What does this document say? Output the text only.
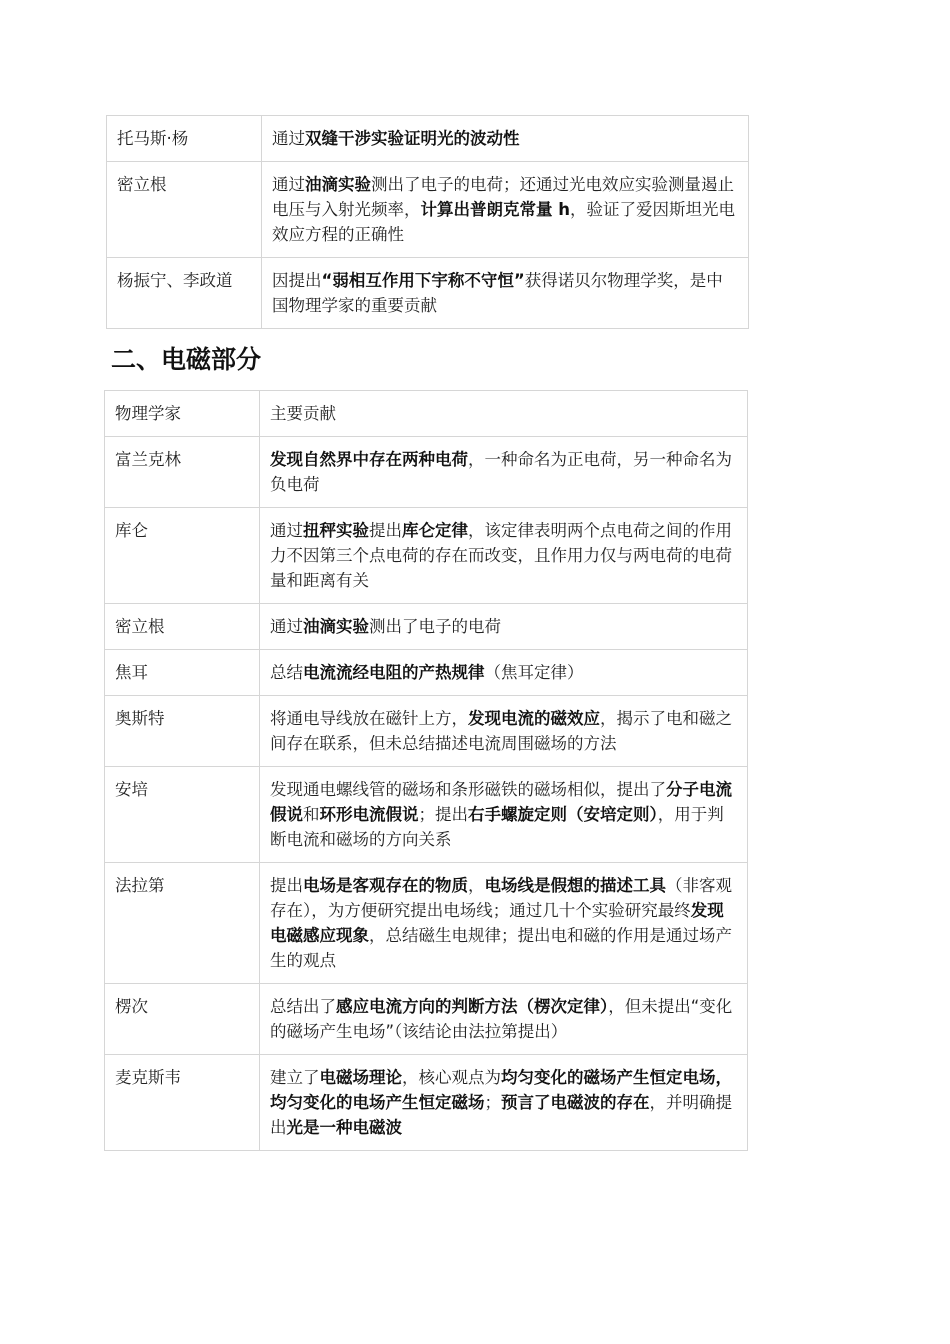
托马斯·杨	通过双缝干涉实验证明光的波动性
密立根	通过油滴实验测出了电子的电荷；还通过光电效应实验测量遏止电压与入射光频率，计算出普朗克常量 h，验证了爱因斯坦光电效应方程的正确性
杨振宁、李政道	因提出“弱相互作用下宇称不守恒”获得诺贝尔物理学奖，是中国物理学家的重要贡献
二、电磁部分
物理学家	主要贡献
富兰克林	发现自然界中存在两种电荷，一种命名为正电荷，另一种命名为负电荷
库仑	通过扭秤实验提出库仑定律，该定律表明两个点电荷之间的作用力不因第三个点电荷的存在而改变，且作用力仅与两电荷的电荷量和距离有关
密立根	通过油滴实验测出了电子的电荷
焦耳	总结电流流经电阻的产热规律（焦耳定律）
奥斯特	将通电导线放在磁针上方，发现电流的磁效应，揭示了电和磁之间存在联系，但未总结描述电流周围磁场的方法
安培	发现通电螺线管的磁场和条形磁铁的磁场相似，提出了分子电流假说和环形电流假说；提出右手螺旋定则（安培定则），用于判断电流和磁场的方向关系
法拉第	提出电场是客观存在的物质，电场线是假想的描述工具（非客观存在），为方便研究提出电场线；通过几十个实验研究最终发现电磁感应现象，总结磁生电规律；提出电和磁的作用是通过场产生的观点
楞次	总结出了感应电流方向的判断方法（楞次定律），但未提出“变化的磁场产生电场”（该结论由法拉第提出）
麦克斯韦	建立了电磁场理论，核心观点为均匀变化的磁场产生恒定电场，均匀变化的电场产生恒定磁场；预言了电磁波的存在，并明确提出光是一种电磁波
